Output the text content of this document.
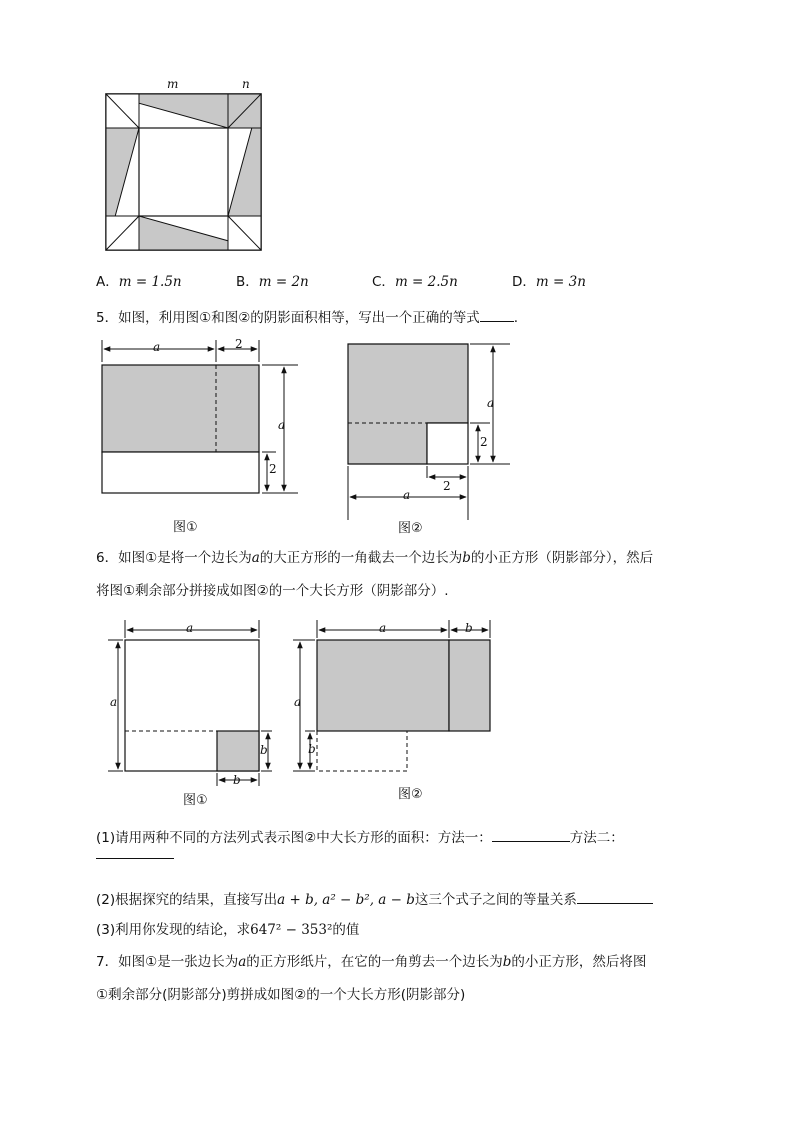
m	n
A．m = 1.5n	B．m = 2n	C．m = 2.5n	D．m = 3n
5．如图，利用图①和图②的阴影面积相等，写出一个正确的等式	.
a	2
a
2
图①
a
2
2
a
图②
6．如图①是将一个边长为a的大正方形的一角截去一个边长为b的小正方形（阴影部分），然后
将图①剩余部分拼接成如图②的一个大长方形（阴影部分）.
a
a
b
b
图①
a	b
a
b
图②
(1)请用两种不同的方法列式表示图②中大长方形的面积：方法一：	方法二：
(2)根据探究的结果，直接写出a + b, a² − b², a − b这三个式子之间的等量关系
(3)利用你发现的结论，求647² − 353²的值
7．如图①是一张边长为a的正方形纸片，在它的一角剪去一个边长为b的小正方形，然后将图
①剩余部分(阴影部分)剪拼成如图②的一个大长方形(阴影部分)
